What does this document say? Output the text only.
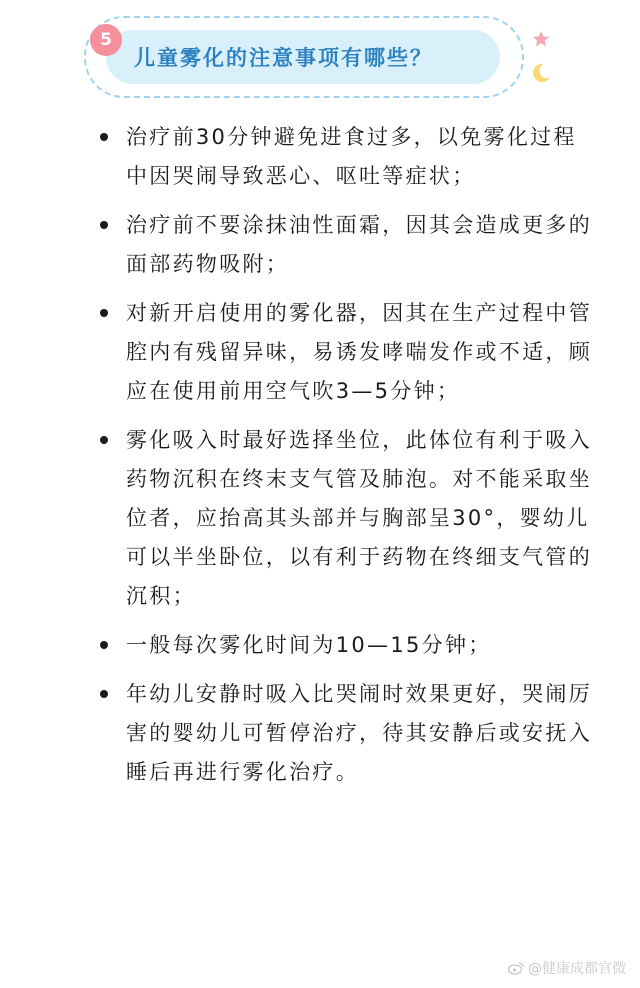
儿童雾化的注意事项有哪些？
5
治疗前30分钟避免进食过多，以免雾化过程中因哭闹导致恶心、呕吐等症状；
治疗前不要涂抹油性面霜，因其会造成更多的面部药物吸附；
对新开启使用的雾化器，因其在生产过程中管腔内有残留异味，易诱发哮喘发作或不适，顾应在使用前用空气吹3—5分钟；
雾化吸入时最好选择坐位，此体位有利于吸入药物沉积在终末支气管及肺泡。对不能采取坐位者，应抬高其头部并与胸部呈30°，婴幼儿可以半坐卧位，以有利于药物在终细支气管的沉积；
一般每次雾化时间为10—15分钟；
年幼儿安静时吸入比哭闹时效果更好，哭闹厉害的婴幼儿可暂停治疗，待其安静后或安抚入睡后再进行雾化治疗。
@健康成都官微
